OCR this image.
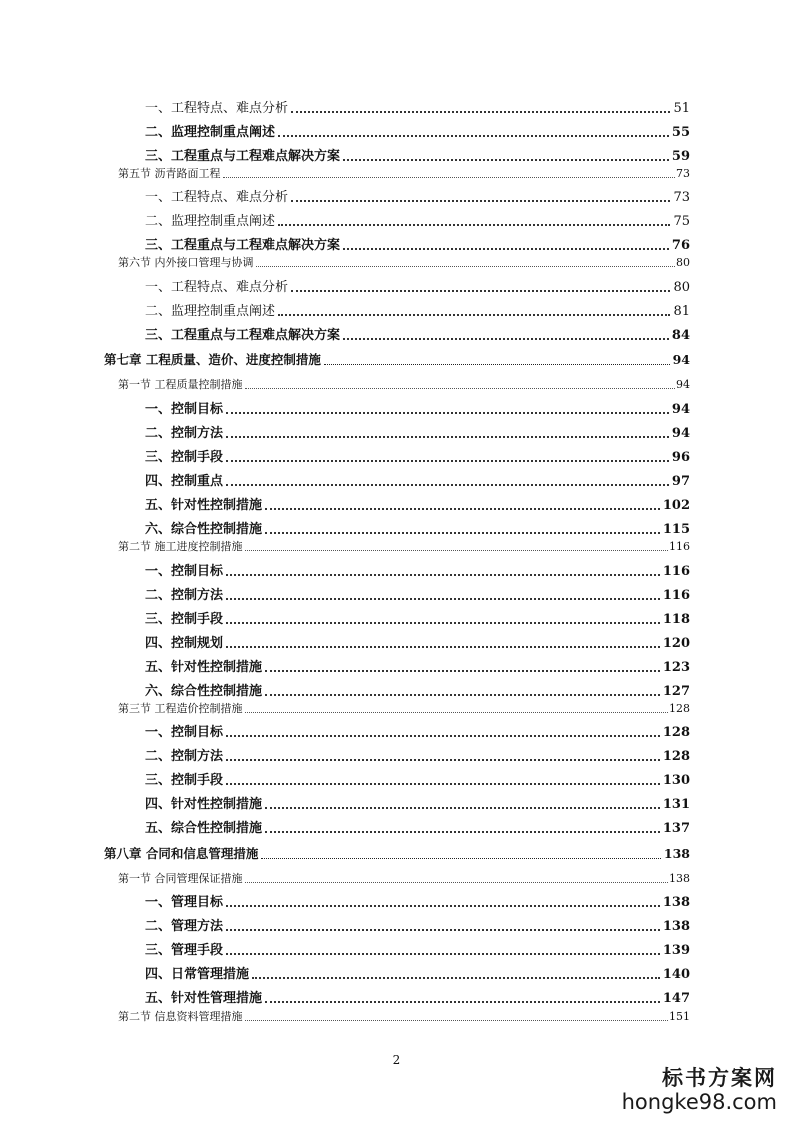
一、工程特点、难点分析	51
二、监理控制重点阐述	55
三、工程重点与工程难点解决方案	59
第五节 沥青路面工程	73
一、工程特点、难点分析	73
二、监理控制重点阐述	75
三、工程重点与工程难点解决方案	76
第六节 内外接口管理与协调	80
一、工程特点、难点分析	80
二、监理控制重点阐述	81
三、工程重点与工程难点解决方案	84
第七章 工程质量、造价、进度控制措施	94
第一节 工程质量控制措施	94
一、控制目标	94
二、控制方法	94
三、控制手段	96
四、控制重点	97
五、针对性控制措施	102
六、综合性控制措施	115
第二节 施工进度控制措施	116
一、控制目标	116
二、控制方法	116
三、控制手段	118
四、控制规划	120
五、针对性控制措施	123
六、综合性控制措施	127
第三节 工程造价控制措施	128
一、控制目标	128
二、控制方法	128
三、控制手段	130
四、针对性控制措施	131
五、综合性控制措施	137
第八章 合同和信息管理措施	138
第一节 合同管理保证措施	138
一、管理目标	138
二、管理方法	138
三、管理手段	139
四、日常管理措施	140
五、针对性管理措施	147
第二节 信息资料管理措施	151
2
标书方案网
hongke98.com
